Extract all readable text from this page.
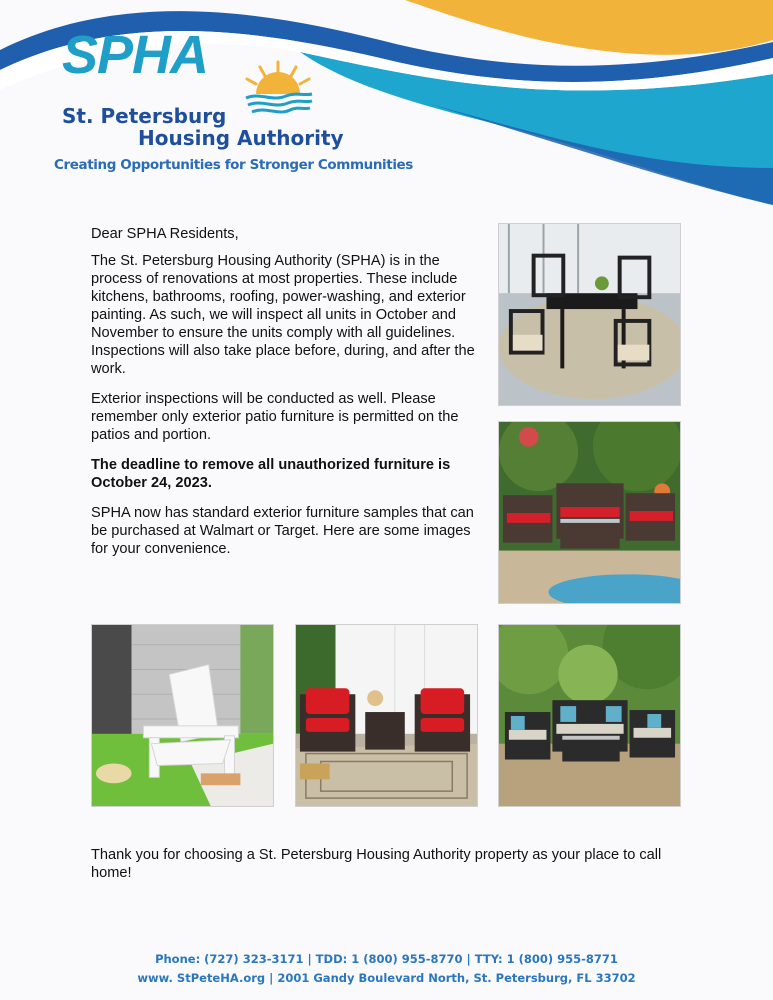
SPHA
St. Petersburg
Housing Authority
Creating Opportunities for Stronger Communities

Dear SPHA Residents,

The St. Petersburg Housing Authority (SPHA) is in the process of renovations at most properties. These include kitchens, bathrooms, roofing, power-washing, and exterior painting. As such, we will inspect all units in October and November to ensure the units comply with all guidelines. Inspections will also take place before, during, and after the work.

Exterior inspections will be conducted as well. Please remember only exterior patio furniture is permitted on the patios and portion.

The deadline to remove all unauthorized furniture is October 24, 2023.

SPHA now has standard exterior furniture samples that can be purchased at Walmart or Target. Here are some images for your convenience.

Thank you for choosing a St. Petersburg Housing Authority property as your place to call home!
Phone: (727) 323-3171 | TDD: 1 (800) 955-8770 | TTY: 1 (800) 955-8771
www. StPeteHA.org | 2001 Gandy Boulevard North, St. Petersburg, FL 33702
